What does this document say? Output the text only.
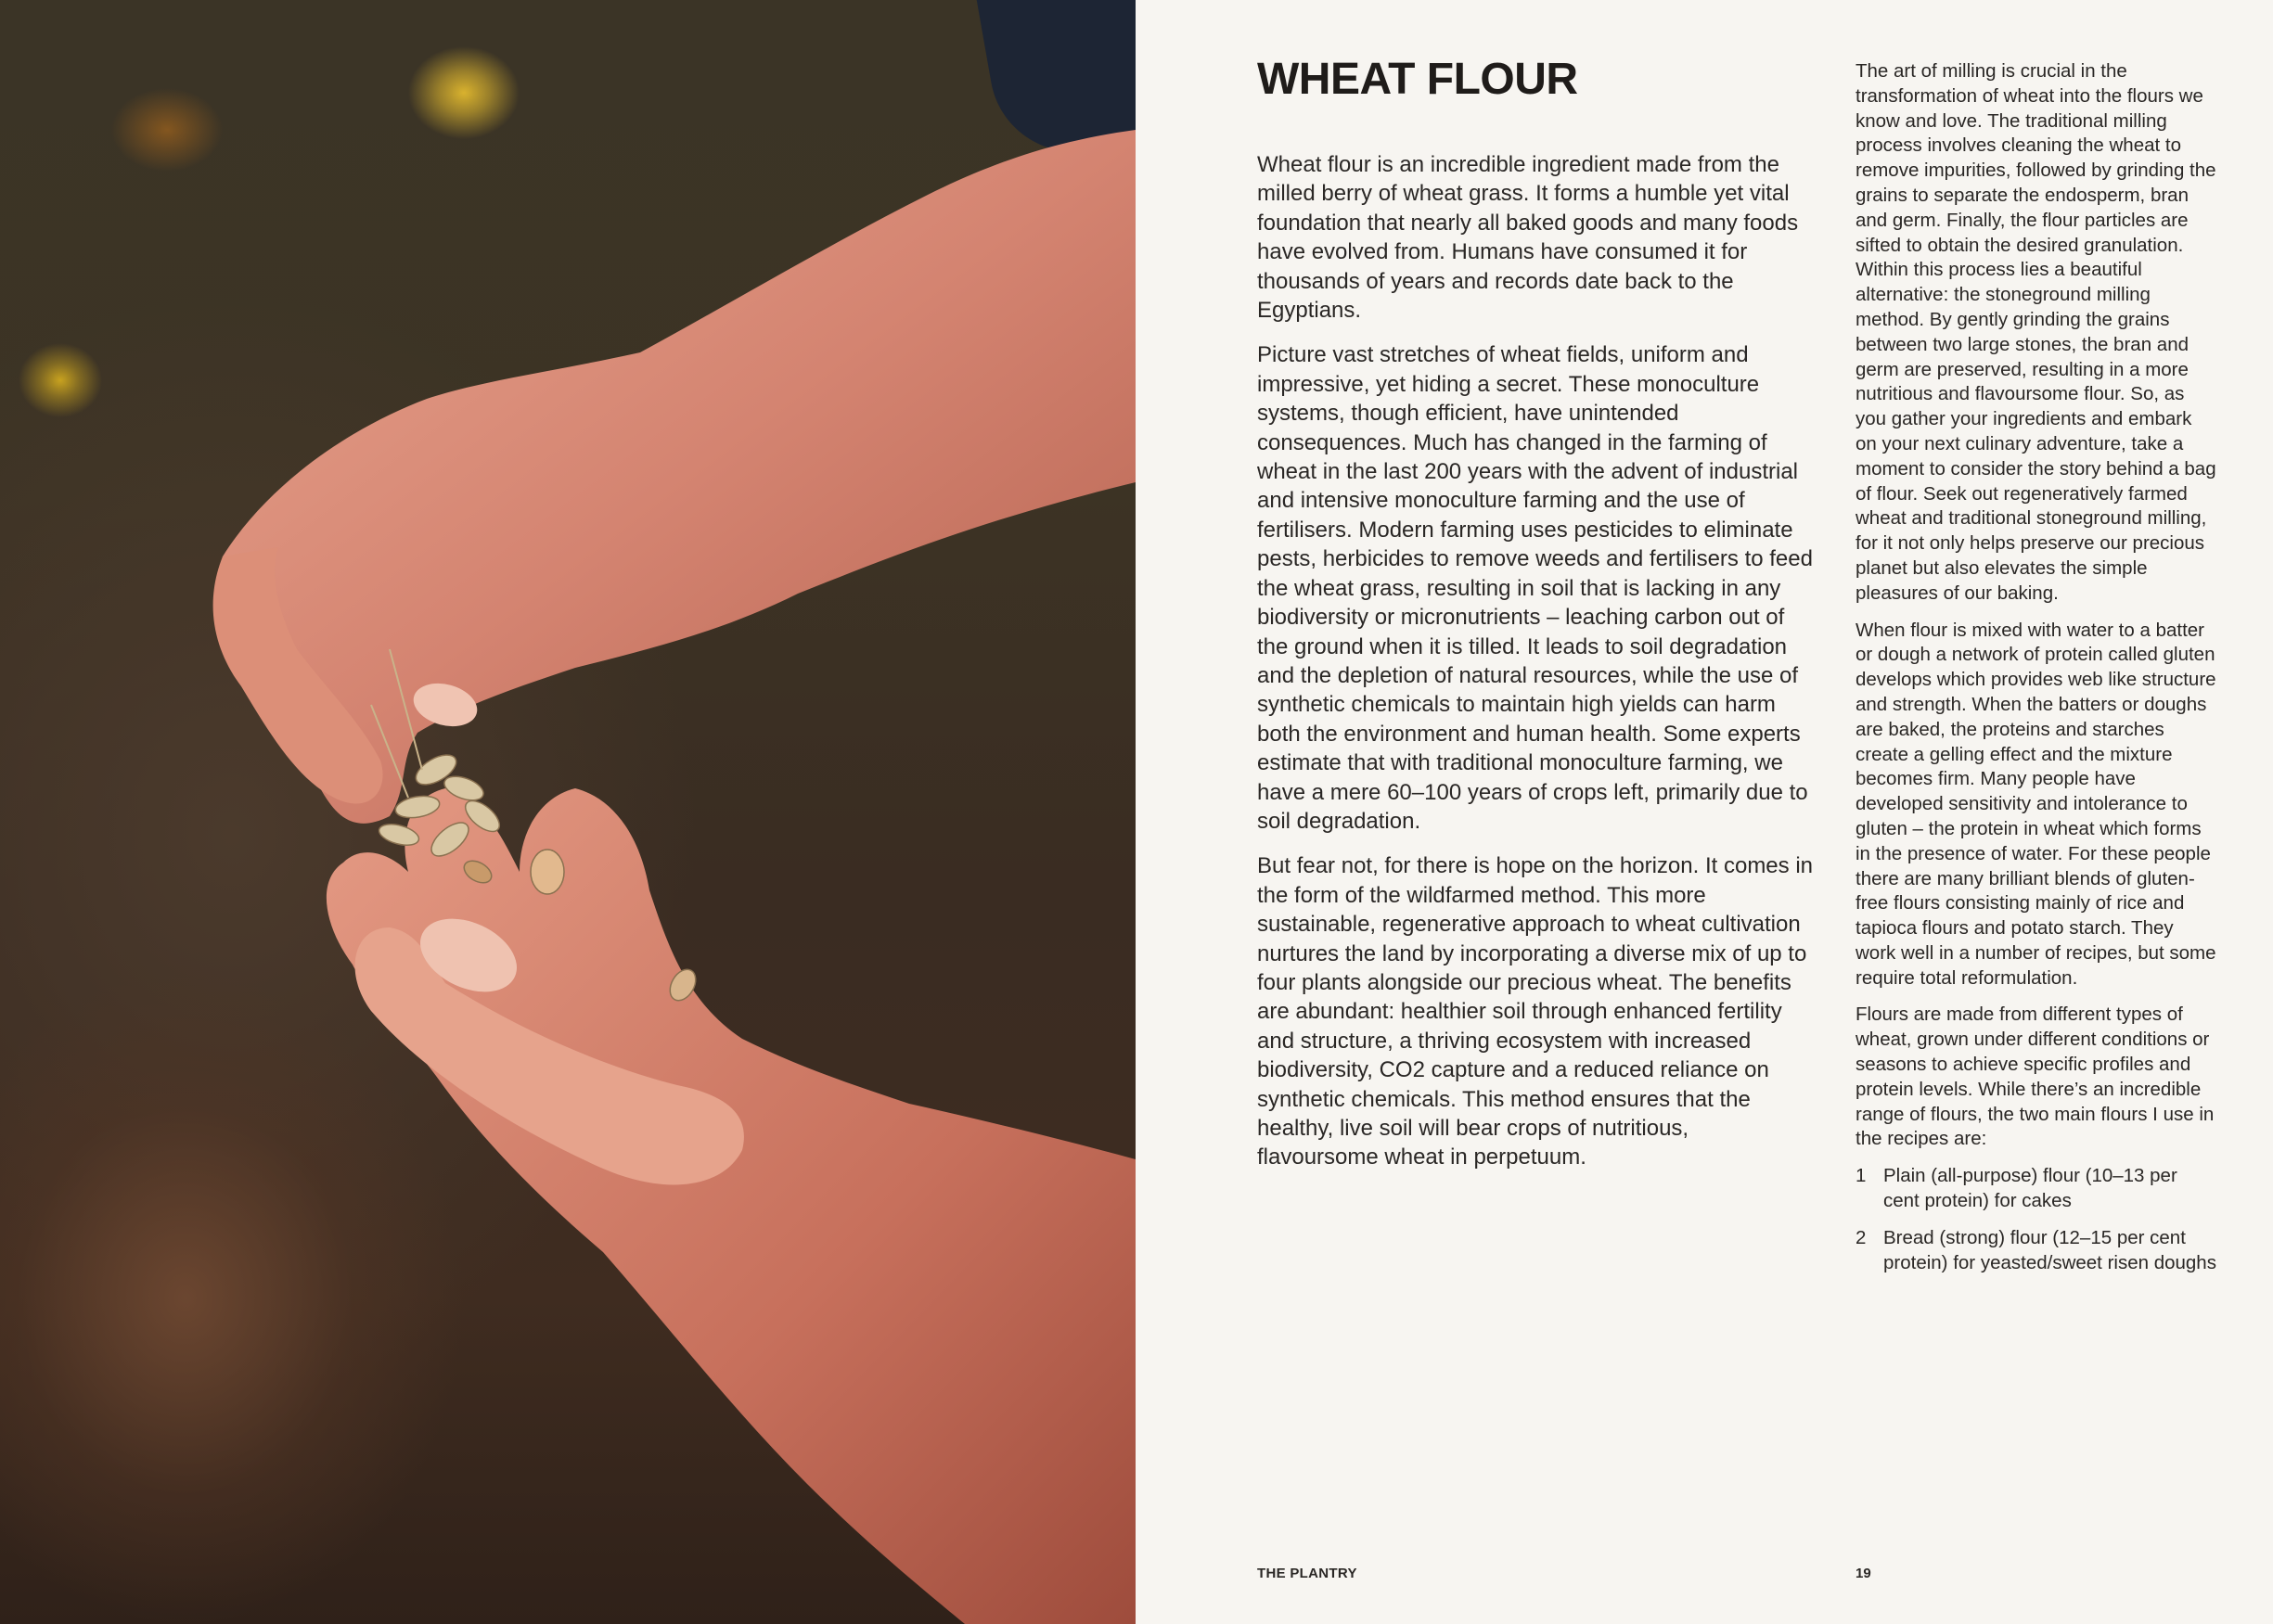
WHEAT FLOUR

Wheat flour is an incredible ingredient made from the milled berry of wheat grass. It forms a humble yet vital foundation that nearly all baked goods and many foods have evolved from. Humans have consumed it for thousands of years and records date back to the Egyptians.

Picture vast stretches of wheat fields, uniform and impressive, yet hiding a secret. These monoculture systems, though efficient, have unintended consequences. Much has changed in the farming of wheat in the last 200 years with the advent of industrial and intensive monoculture farming and the use of fertilisers. Modern farming uses pesticides to eliminate pests, herbicides to remove weeds and fertilisers to feed the wheat grass, resulting in soil that is lacking in any biodiversity or micronutrients – leaching carbon out of the ground when it is tilled. It leads to soil degradation and the depletion of natural resources, while the use of synthetic chemicals to maintain high yields can harm both the environment and human health. Some experts estimate that with traditional monoculture farming, we have a mere 60–100 years of crops left, primarily due to soil degradation.

But fear not, for there is hope on the horizon. It comes in the form of the wildfarmed method. This more sustainable, regenerative approach to wheat cultivation nurtures the land by incorporating a diverse mix of up to four plants alongside our precious wheat. The benefits are abundant: healthier soil through enhanced fertility and structure, a thriving ecosystem with increased biodiversity, CO2 capture and a reduced reliance on synthetic chemicals. This method ensures that the healthy, live soil will bear crops of nutritious, flavoursome wheat in perpetuum.

The art of milling is crucial in the transformation of wheat into the flours we know and love. The traditional milling process involves cleaning the wheat to remove impurities, followed by grinding the grains to separate the endosperm, bran and germ. Finally, the flour particles are sifted to obtain the desired granulation. Within this process lies a beautiful alternative: the stoneground milling method. By gently grinding the grains between two large stones, the bran and germ are preserved, resulting in a more nutritious and flavoursome flour. So, as you gather your ingredients and embark on your next culinary adventure, take a moment to consider the story behind a bag of flour. Seek out regeneratively farmed wheat and traditional stoneground milling, for it not only helps preserve our precious planet but also elevates the simple pleasures of our baking.

When flour is mixed with water to a batter or dough a network of protein called gluten develops which provides web like structure and strength. When the batters or doughs are baked, the proteins and starches create a gelling effect and the mixture becomes firm. Many people have developed sensitivity and intolerance to gluten – the protein in wheat which forms in the presence of water. For these people there are many brilliant blends of gluten-free flours consisting mainly of rice and tapioca flours and potato starch. They work well in a number of recipes, but some require total reformulation.

Flours are made from different types of wheat, grown under different conditions or seasons to achieve specific profiles and protein levels. While there’s an incredible range of flours, the two main flours I use in the recipes are:

1 Plain (all-purpose) flour (10–13 per cent protein) for cakes
2 Bread (strong) flour (12–15 per cent protein) for yeasted/sweet risen doughs
THE PLANTRY	19
